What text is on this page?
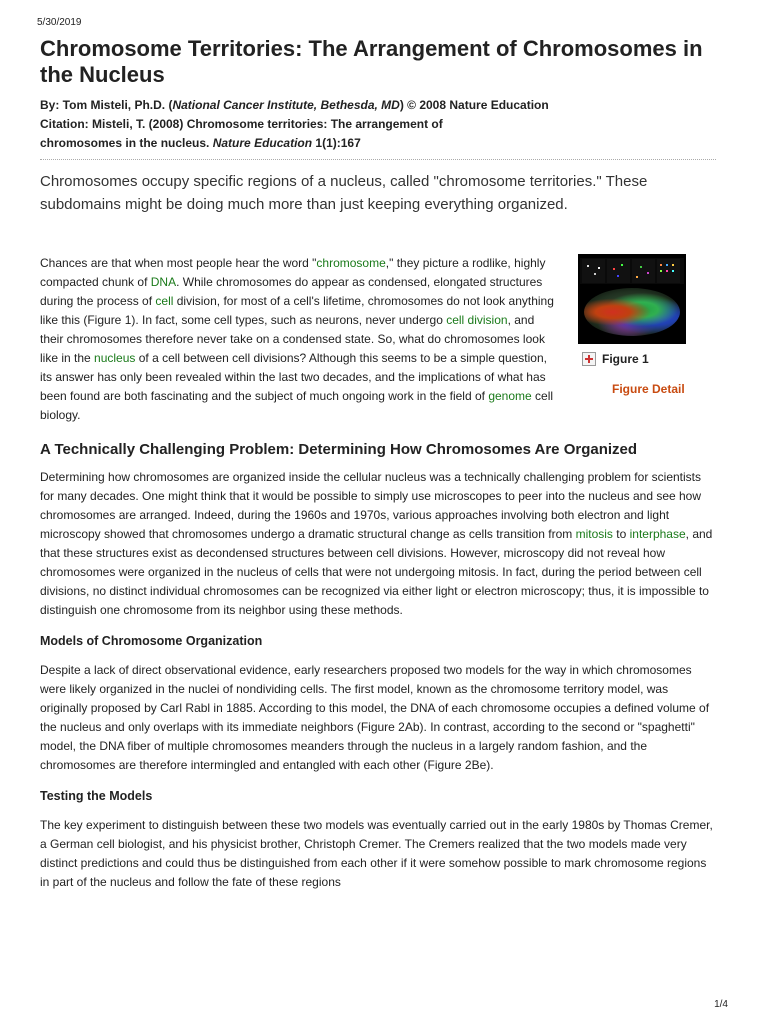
5/30/2019
Chromosome Territories: The Arrangement of Chromosomes in the Nucleus

By: Tom Misteli, Ph.D. (National Cancer Institute, Bethesda, MD) © 2008 Nature Education

Citation: Misteli, T. (2008) Chromosome territories: The arrangement of
chromosomes in the nucleus. Nature Education 1(1):167

Chromosomes occupy specific regions of a nucleus, called "chromosome territories." These subdomains might be doing much more than just keeping everything organized.

Chances are that when most people hear the word "chromosome," they picture a rodlike, highly compacted chunk of DNA. While chromosomes do appear as condensed, elongated structures during the process of cell division, for most of a cell's lifetime, chromosomes do not look anything like this (Figure 1). In fact, some cell types, such as neurons, never undergo cell division, and their chromosomes therefore never take on a condensed state. So, what do chromosomes look like in the nucleus of a cell between cell divisions? Although this seems to be a simple question, its answer has only been revealed within the last two decades, and the implications of what has been found are both fascinating and the subject of much ongoing work in the field of genome cell biology.

Figure 1
Figure Detail
A Technically Challenging Problem: Determining How Chromosomes Are Organized

Determining how chromosomes are organized inside the cellular nucleus was a technically challenging problem for scientists for many decades. One might think that it would be possible to simply use microscopes to peer into the nucleus and see how chromosomes are arranged. Indeed, during the 1960s and 1970s, various approaches involving both electron and light microscopy showed that chromosomes undergo a dramatic structural change as cells transition from mitosis to interphase, and that these structures exist as decondensed structures between cell divisions. However, microscopy did not reveal how chromosomes were organized in the nucleus of cells that were not undergoing mitosis. In fact, during the period between cell divisions, no distinct individual chromosomes can be recognized via either light or electron microscopy; thus, it is impossible to distinguish one chromosome from its neighbor using these methods.

Models of Chromosome Organization

Despite a lack of direct observational evidence, early researchers proposed two models for the way in which chromosomes were likely organized in the nuclei of nondividing cells. The first model, known as the chromosome territory model, was originally proposed by Carl Rabl in 1885. According to this model, the DNA of each chromosome occupies a defined volume of the nucleus and only overlaps with its immediate neighbors (Figure 2Ab). In contrast, according to the second or "spaghetti" model, the DNA fiber of multiple chromosomes meanders through the nucleus in a largely random fashion, and the chromosomes are therefore intermingled and entangled with each other (Figure 2Be).

Testing the Models

The key experiment to distinguish between these two models was eventually carried out in the early 1980s by Thomas Cremer, a German cell biologist, and his physicist brother, Christoph Cremer. The Cremers realized that the two models made very distinct predictions and could thus be distinguished from each other if it were somehow possible to mark chromosome regions in part of the nucleus and follow the fate of these regions

1/4
